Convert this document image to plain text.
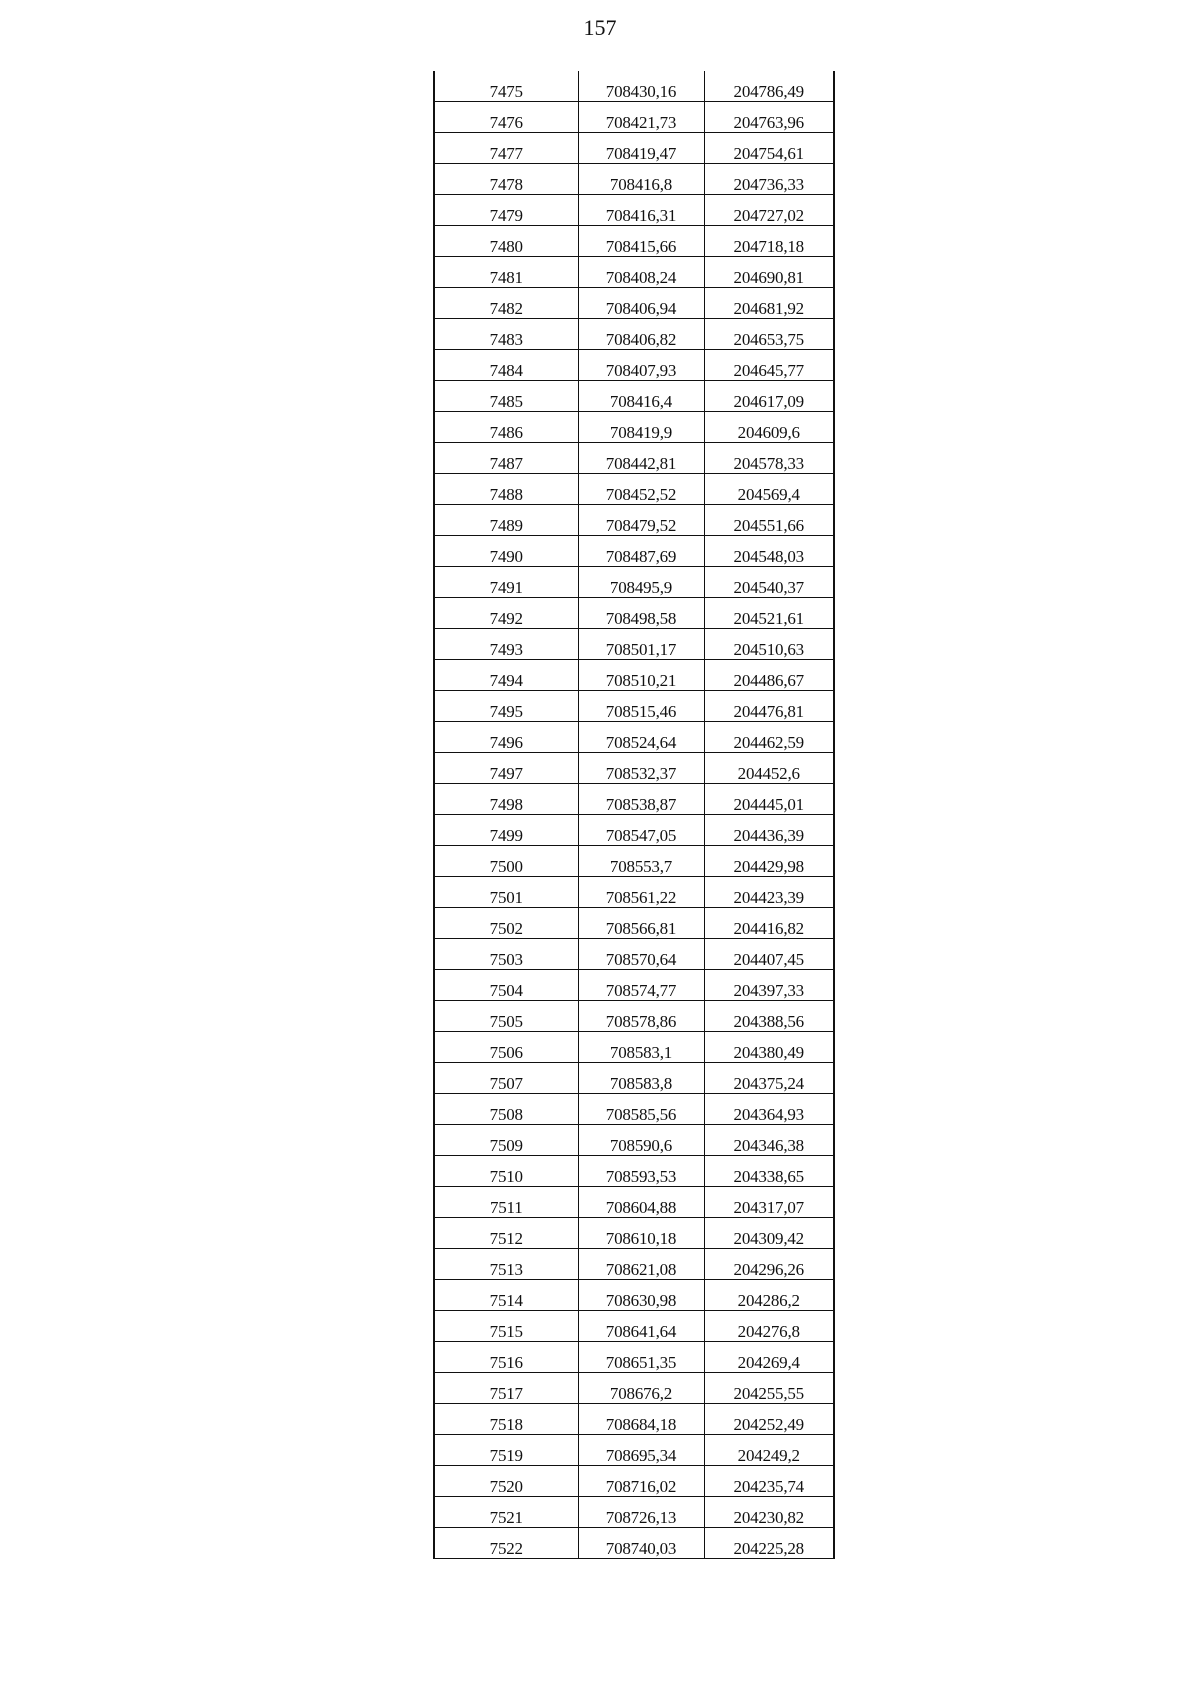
157
7475	708430,16	204786,49
7476	708421,73	204763,96
7477	708419,47	204754,61
7478	708416,8	204736,33
7479	708416,31	204727,02
7480	708415,66	204718,18
7481	708408,24	204690,81
7482	708406,94	204681,92
7483	708406,82	204653,75
7484	708407,93	204645,77
7485	708416,4	204617,09
7486	708419,9	204609,6
7487	708442,81	204578,33
7488	708452,52	204569,4
7489	708479,52	204551,66
7490	708487,69	204548,03
7491	708495,9	204540,37
7492	708498,58	204521,61
7493	708501,17	204510,63
7494	708510,21	204486,67
7495	708515,46	204476,81
7496	708524,64	204462,59
7497	708532,37	204452,6
7498	708538,87	204445,01
7499	708547,05	204436,39
7500	708553,7	204429,98
7501	708561,22	204423,39
7502	708566,81	204416,82
7503	708570,64	204407,45
7504	708574,77	204397,33
7505	708578,86	204388,56
7506	708583,1	204380,49
7507	708583,8	204375,24
7508	708585,56	204364,93
7509	708590,6	204346,38
7510	708593,53	204338,65
7511	708604,88	204317,07
7512	708610,18	204309,42
7513	708621,08	204296,26
7514	708630,98	204286,2
7515	708641,64	204276,8
7516	708651,35	204269,4
7517	708676,2	204255,55
7518	708684,18	204252,49
7519	708695,34	204249,2
7520	708716,02	204235,74
7521	708726,13	204230,82
7522	708740,03	204225,28
